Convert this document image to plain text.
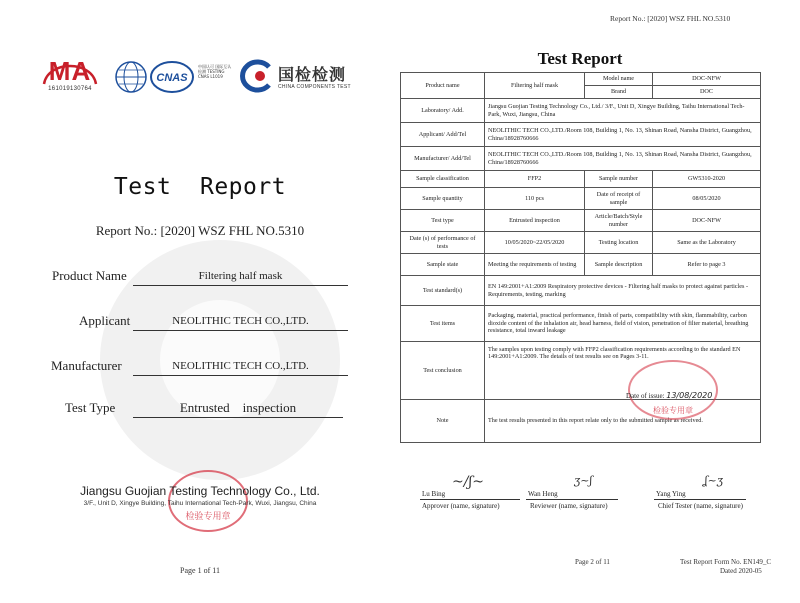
MA
161019130764
CNAS
中国认可 国际互认 检测 TESTING CNAS L1019	国检检测
CHINA COMPONENTS TEST
Test  Report
Report No.: [2020] WSZ FHL NO.5310
Product Name	Filtering half mask
Applicant	NEOLITHIC TECH CO.,LTD.
Manufacturer	NEOLITHIC TECH CO.,LTD.
Test Type	Entrusted    inspection
检验专用章
Jiangsu Guojian Testing Technology Co., Ltd.
3/F., Unit D, Xingye Building, Taihu International Tech-Park, Wuxi, Jiangsu, China
Page 1 of 11
Report No.: [2020] WSZ FHL NO.5310
Test Report
Product name	Filtering half mask	Model name	DOC-NFW
		Brand	DOC
Laboratory/ Add.	Jiangsu Guojian Testing Technology Co., Ltd./ 3/F., Unit D, Xingye Building, Taihu International Tech-Park, Wuxi, Jiangsu, China		
Applicant/ Add/Tel	NEOLITHIC TECH CO.,LTD./Room 108, Building 1, No. 13, Shinan Road, Nansha District, Guangzhou, China/18928760666		
Manufacturer/ Add/Tel	NEOLITHIC TECH CO.,LTD./Room 108, Building 1, No. 13, Shinan Road, Nansha District, Guangzhou, China/18928760666		
Sample classification	FFP2	Sample number	GW5310-2020
Sample quantity	110 pcs	Date of receipt of sample	08/05/2020
Test type	Entrusted inspection	Article/Batch/Style number	DOC-NFW
Date (s) of performance of tests	10/05/2020~22/05/2020	Testing location	Same as the Laboratory
Sample state	Meeting the requirements of testing	Sample description	Refer to page 3
Test standard(s)	EN 149:2001+A1:2009 Respiratory protective devices - Filtering half masks to protect against particles - Requirements, testing, marking		
Test items	Packaging, material, practical performance, finish of parts, compatibility with skin, flammability, carbon dioxide content of the inhalation air, head harness, field of vision, penetration of filter material, breathing resistance, total inward leakage		
Test conclusion	The samples upon testing comply with FFP2 classification requirements according to the standard EN 149:2001+A1:2009. The details of test results see on Pages 3-11.		
Note	The test results presented in this report relate only to the submitted sample as received.		
Date of issue: 13/08/2020
检验专用章
~/ʃ~
Lu Bing
Approver (name, signature)
ʒ~ʃ
Wan Heng
Reviewer (name, signature)
ʆ~ʒ
Yang Ying
Chief Tester (name, signature)
Page 2 of 11	Test Report Form No. EN149_C
Dated 2020-05
